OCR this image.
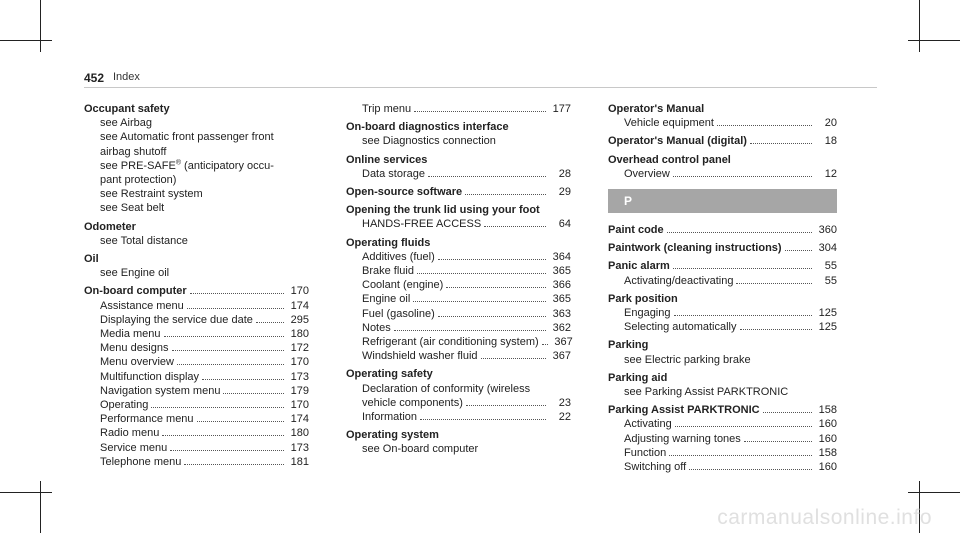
452 Index
Occupant safety
see Airbag
see Automatic front passenger front
airbag shutoff
see PRE-SAFE® (anticipatory occu-
pant protection)
see Restraint system
see Seat belt
Odometer
see Total distance
Oil
see Engine oil
On-board computer	170
Assistance menu	174
Displaying the service due date	295
Media menu	180
Menu designs	172
Menu overview	170
Multifunction display	173
Navigation system menu	179
Operating	170
Performance menu	174
Radio menu	180
Service menu	173
Telephone menu	181
Trip menu	177
On-board diagnostics interface
see Diagnostics connection
Online services
Data storage	28
Open-source software	29
Opening the trunk lid using your foot
HANDS-FREE ACCESS	64
Operating fluids
Additives (fuel)	364
Brake fluid	365
Coolant (engine)	366
Engine oil	365
Fuel (gasoline)	363
Notes	362
Refrigerant (air conditioning system)	367
Windshield washer fluid	367
Operating safety
Declaration of conformity (wireless
vehicle components)	23
Information	22
Operating system
see On-board computer
Operator's Manual
Vehicle equipment	20
Operator's Manual (digital)	18
Overhead control panel
Overview	12
P
Paint code	360
Paintwork (cleaning instructions)	304
Panic alarm	55
Activating/deactivating	55
Park position
Engaging	125
Selecting automatically	125
Parking
see Electric parking brake
Parking aid
see Parking Assist PARKTRONIC
Parking Assist PARKTRONIC	158
Activating	160
Adjusting warning tones	160
Function	158
Switching off	160
carmanualsonline.info
